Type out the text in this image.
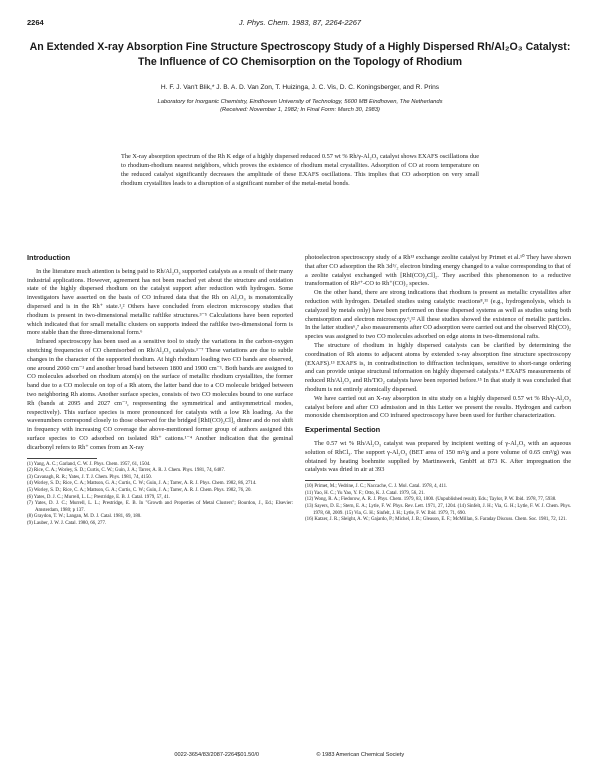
2264	J. Phys. Chem. 1983, 87, 2264-2267
An Extended X-ray Absorption Fine Structure Spectroscopy Study of a Highly Dispersed Rh/Al₂O₃ Catalyst: The Influence of CO Chemisorption on the Topology of Rhodium
H. F. J. Van't Blik,* J. B. A. D. Van Zon, T. Huizinga, J. C. Vis, D. C. Koningsberger, and R. Prins
Laboratory for Inorganic Chemistry, Eindhoven University of Technology, 5600 MB Eindhoven, The Netherlands
(Received: November 1, 1982; In Final Form: March 30, 1983)
The X-ray absorption spectrum of the Rh K edge of a highly dispersed reduced 0.57 wt % Rh/γ-Al₂O₃ catalyst shows EXAFS oscillations due to rhodium-rhodium nearest neighbors, which proves the existence of rhodium metal crystallites. Adsorption of CO at room temperature on the reduced catalyst significantly decreases the amplitude of these EXAFS oscillations. This implies that CO adsorption on very small rhodium crystallites leads to a disruption of a significant number of the metal-metal bonds.
Introduction

In the literature much attention is being paid to Rh/Al₂O₃ supported catalysts as a result of their many industrial applications. However, agreement has not been reached yet about the structure and oxidation state of the highly dispersed rhodium on the catalyst support after reduction with hydrogen. Some investigators have asserted on the basis of CO infrared data that the Rh on Al₂O₃ is monatomically dispersed and is in the Rh⁺ state.¹,² Others have concluded from electron microscopy studies that rhodium is present in two-dimensional metallic raftlike structures.³⁻⁵ Calculations have been reported which indicated that for small metallic clusters on supports indeed the raftlike two-dimensional form is more stable than the three-dimensional form.⁶

Infrared spectroscopy has been used as a sensitive tool to study the variations in the carbon-oxygen stretching frequencies of CO chemisorbed on Rh/Al₂O₃ catalysts.¹⁻⁷ These variations are due to subtle changes in the character of the supported rhodium. At high rhodium loading two CO bands are observed, one around 2060 cm⁻¹ and another broad band between 1800 and 1900 cm⁻¹. Both bands are assigned to CO molecules adsorbed on rhodium atom(s) on the surface of metallic rhodium crystallites, the former band due to a CO molecule on top of a Rh atom, the latter band due to a CO molecule bridged between two neighboring Rh atoms. Another surface species, consists of two CO molecules bound to one surface Rh (bands at 2095 and 2027 cm⁻¹, respresenting the symmetrical and antisymmetrical modes, respectively). This surface species is more pronounced for catalysts with a low Rh loading. As the wavenumbers correspond closely to those observed for the bridged [RhI(CO)₂Cl]₂ dimer and do not shift in frequency with increasing CO coverage the above-mentioned former group of authors assigned this surface species to CO adsorbed on isolated Rh⁺ cations.¹⁻⁴ Another indication that the geminal dicarbonyl refers to Rh⁺ comes from an X-ray

(1) Yang, A. C.; Garland, C. W. J. Phys. Chem. 1957, 61, 1504.
(2) Rice, C. A.; Worley, S. D.; Curtis, C. W.; Guin, J. A.; Tarrer, A. R. J. Chem. Phys. 1981, 74, 6487.
(3) Cavanagh, R. R.; Yates, J. T. J. Chem. Phys. 1981, 74, 4150.
(4) Worley, S. D.; Rice, C. A.; Mattson, G. A.; Curtis, C. W.; Guin, J. A.; Tarrer, A. R. J. Phys. Chem. 1982, 86, 2714.
(5) Worley, S. D.; Rice, C. A.; Mattson, G. A.; Curtis, C. W.; Guin, J. A.; Tarrer, A. R. J. Chem. Phys. 1982, 76, 20.
(6) Yates, D. J. C.; Murrell, L. L.; Prestridge, E. B. J. Catal. 1979, 57, 41.
(7) Yates, D. J. C.; Murrell, L. L.; Prestridge, E. B. In "Growth and Properties of Metal Clusters"; Bourdon, J., Ed.; Elsevier: Amsterdam, 1980; p 137.
(8) Graydon, T. W.; Langan, M. D. J. Catal. 1981, 69, 180.
(9) Lauber, J. W. J. Catal. 1980, 66, 277.

photoelectron spectroscopy study of a Rh¹³ exchange zeolite catalyst by Primet et al.¹⁰ They have shown that after CO adsorption the Rh 3d⁵/₂ electron binding energy changed to a value corresponding to that of a zeolite catalyst exchanged with [RhI(CO)₂Cl]₂. They ascribed this phenomenon to a reductive transformation of Rh³⁺-CO to Rh⁺(CO)₂ species.

On the other hand, there are strong indications that rhodium is present as metallic crystallites after reduction with hydrogen. Detailed studies using catalytic reactions⁸,¹¹ (e.g., hydrogenolysis, which is catalyzed by metals only) have been performed on these dispersed systems as well as studies using both chemisorption and electron microscopy.⁶,¹² All these studies showed the existence of metallic particles. In the latter studies⁶,⁷ also measurements after CO adsorption were carried out and the observed Rh(CO)₂ species was assigned to two CO molecules adsorbed on edge atoms in two-dimensional rafts.

The structure of rhodium in highly dispersed catalysts can be clarified by determining the coordination of Rh atoms to adjacent atoms by extended x-ray absorption fine structure spectroscopy (EXAFS).¹³ EXAFS is, in contradistinction to diffraction techniques, sensitive to short-range ordering and can provide unique structural information on highly dispersed catalysts.¹⁴ EXAFS measurements of reduced Rh/Al₂O₃ and Rh/TiO₂ catalysts have been reported before.¹⁵ In that study it was concluded that rhodium is not entirely atomically dispersed.

We have carried out an X-ray absorption in situ study on a highly dispersed 0.57 wt % Rh/γ-Al₂O₃ catalyst before and after CO admission and in this Letter we present the results. Hydrogen and carbon monoxide chemisorption and CO infrared spectroscopy have been used for further characterization.

Experimental Section

The 0.57 wt % Rh/Al₂O₃ catalyst was prepared by incipient wetting of γ-Al₂O₃ with an aqueous solution of RhCl₃. The support γ-Al₂O₃ (BET area of 150 m²/g and a pore volume of 0.65 cm³/g) was obtained by heating boehmite supplied by Martinswerk, GmbH at 873 K. After impregnation the catalysts was dried in air at 393

(10) Primet, M.; Vedrine, J. C.; Naccache, C. J. Mol. Catal. 1978, 4, 411.
(11) Yao, H. C.; Yu Yao, Y. F.; Otto, K. J. Catal. 1979, 56, 21.
(12) Wong, R. A.; Fiedorow, A. R. J. Phys. Chem. 1979, 83, 1000. (Unpublished result). Eds.; Taylor, P. W. Ibid. 1978, 77, 5938.
(13) Sayers, D. E.; Stern, E. A.; Lytle, F. W. Phys. Rev. Lett. 1971, 27, 1204. (14) Sinfelt, J. H.; Via, G. H.; Lytle, F. W. J. Chem. Phys. 1978, 68, 2009. (15) Via, G. H.; Sinfelt, J. H.; Lytle, F. W. Ibid. 1979, 71, 690.
(16) Katzer, J. R.; Sleight, A. W.; Gajardo, P.; Michel, J. B.; Gleason, E. F.; McMillan, S. Faraday Discuss. Chem. Soc. 1981, 72, 121.
0022-3654/83/2087-2264$01.50/0	© 1983 American Chemical Society
